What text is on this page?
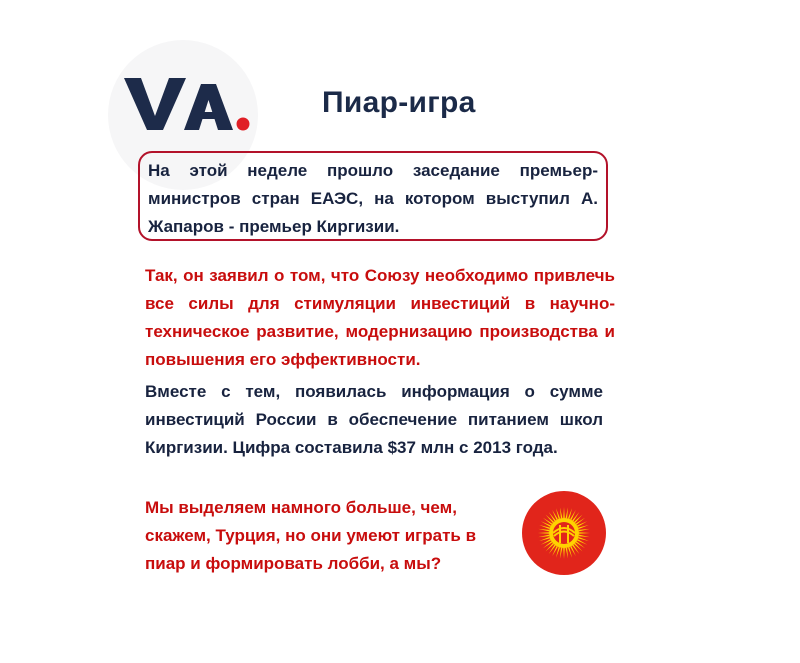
Пиар-игра
На этой неделе прошло заседание премьер-министров стран ЕАЭС, на котором выступил А. Жапаров - премьер Киргизии.
Так, он заявил о том, что Союзу необходимо привлечь все силы для стимуляции инвестиций в научно-техническое развитие, модернизацию производства и повышения его эффективности.
Вместе с тем, появилась информация о сумме инвестиций России в обеспечение питанием школ Киргизии. Цифра составила $37 млн с 2013 года.
Мы выделяем намного больше, чем, скажем, Турция, но они умеют играть в пиар и формировать лобби, а мы?
